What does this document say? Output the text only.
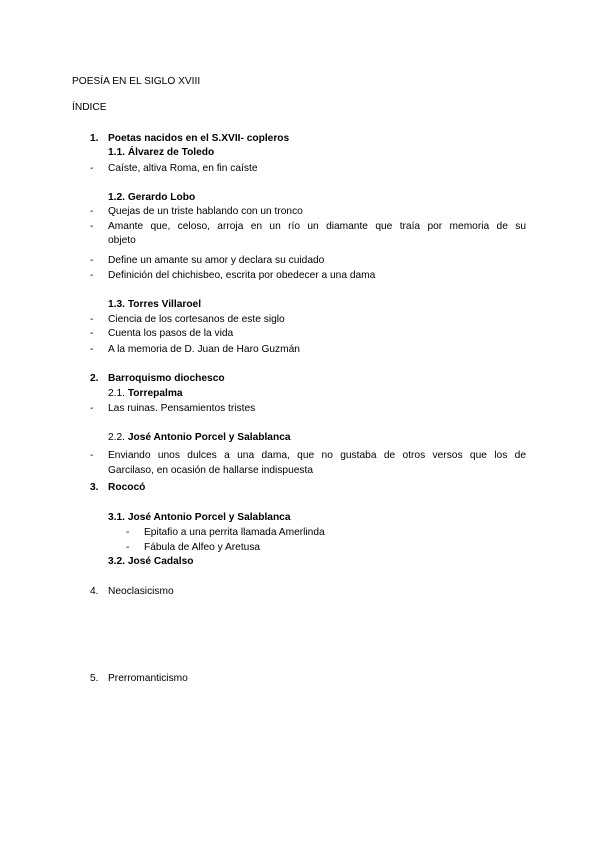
POESÍA EN EL SIGLO XVIII
ÍNDICE
1. Poetas nacidos en el S.XVII- copleros
1.1. Álvarez de Toledo
- Caíste, altiva Roma, en fin caíste
1.2. Gerardo Lobo
- Quejas de un triste hablando con un tronco
- Amante que, celoso, arroja en un río un diamante que traía por memoria de su
objeto
- Define un amante su amor y declara su cuidado
- Definición del chichisbeo, escrita por obedecer a una dama
1.3. Torres Villaroel
- Ciencia de los cortesanos de este siglo
- Cuenta los pasos de la vida
- A la memoria de D. Juan de Haro Guzmán
2. Barroquismo diochesco
2.1. Torrepalma
- Las ruinas. Pensamientos tristes
2.2. José Antonio Porcel y Salablanca
- Enviando unos dulces a una dama, que no gustaba de otros versos que los de
Garcilaso, en ocasión de hallarse indispuesta
3. Rococó
3.1. José Antonio Porcel y Salablanca
- Epitafio a una perrita llamada Amerlinda
- Fábula de Alfeo y Aretusa
3.2. José Cadalso
4. Neoclasicismo
5. Prerromanticismo
